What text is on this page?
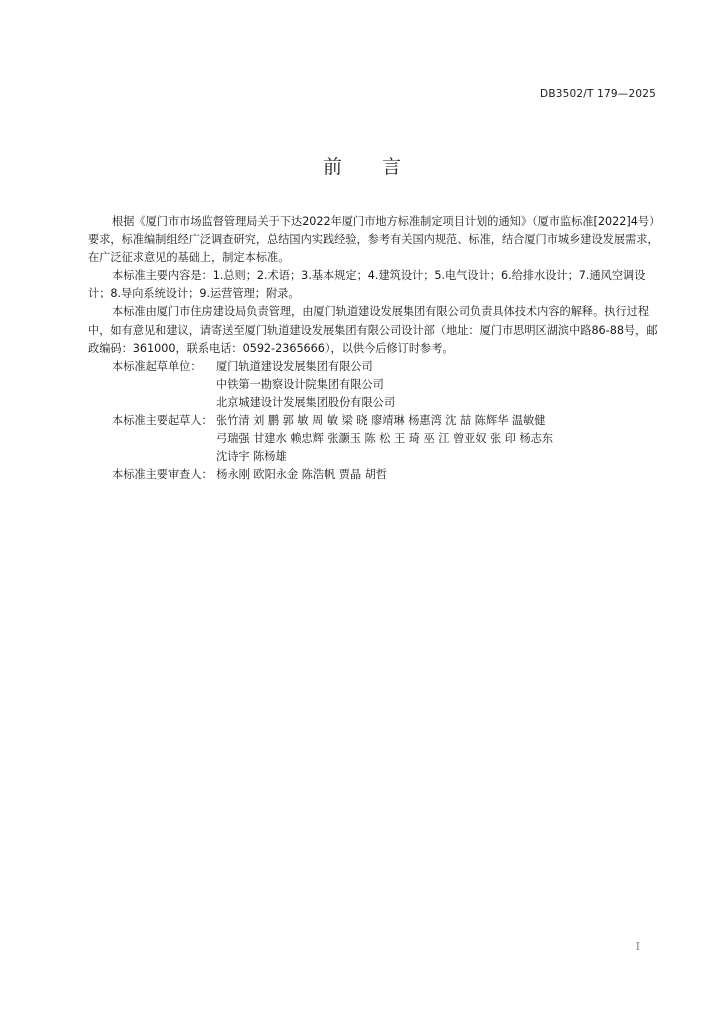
DB3502/T 179—2025
前 言

根据《厦门市市场监督管理局关于下达2022年厦门市地方标准制定项目计划的通知》（厦市监标准[2022]4号）要求，标准编制组经广泛调查研究，总结国内实践经验，参考有关国内规范、标准，结合厦门市城乡建设发展需求，在广泛征求意见的基础上，制定本标准。

本标准主要内容是：1.总则；2.术语；3.基本规定；4.建筑设计；5.电气设计；6.给排水设计；7.通风空调设计；8.导向系统设计；9.运营管理；附录。

本标准由厦门市住房建设局负责管理，由厦门轨道建设发展集团有限公司负责具体技术内容的解释。执行过程中，如有意见和建议，请寄送至厦门轨道建设发展集团有限公司设计部（地址：厦门市思明区湖滨中路86-88号，邮政编码：361000，联系电话：0592-2365666），以供今后修订时参考。

本标准起草单位：	厦门轨道建设发展集团有限公司
中铁第一勘察设计院集团有限公司
北京城建设计发展集团股份有限公司
本标准主要起草人： 张竹清 刘 鹏 郭 敏 周 敏 梁 晓 廖靖琳 杨惠湾 沈 喆 陈辉华 温敏健
弓瑞强 甘建水 赖忠辉 张灏玉 陈 松 王 琦 巫 江 曾亚奴 张 印 杨志东
沈诗宇 陈杨雄
本标准主要审查人： 杨永刚 欧阳永金 陈浩帆 贾晶 胡哲
I
